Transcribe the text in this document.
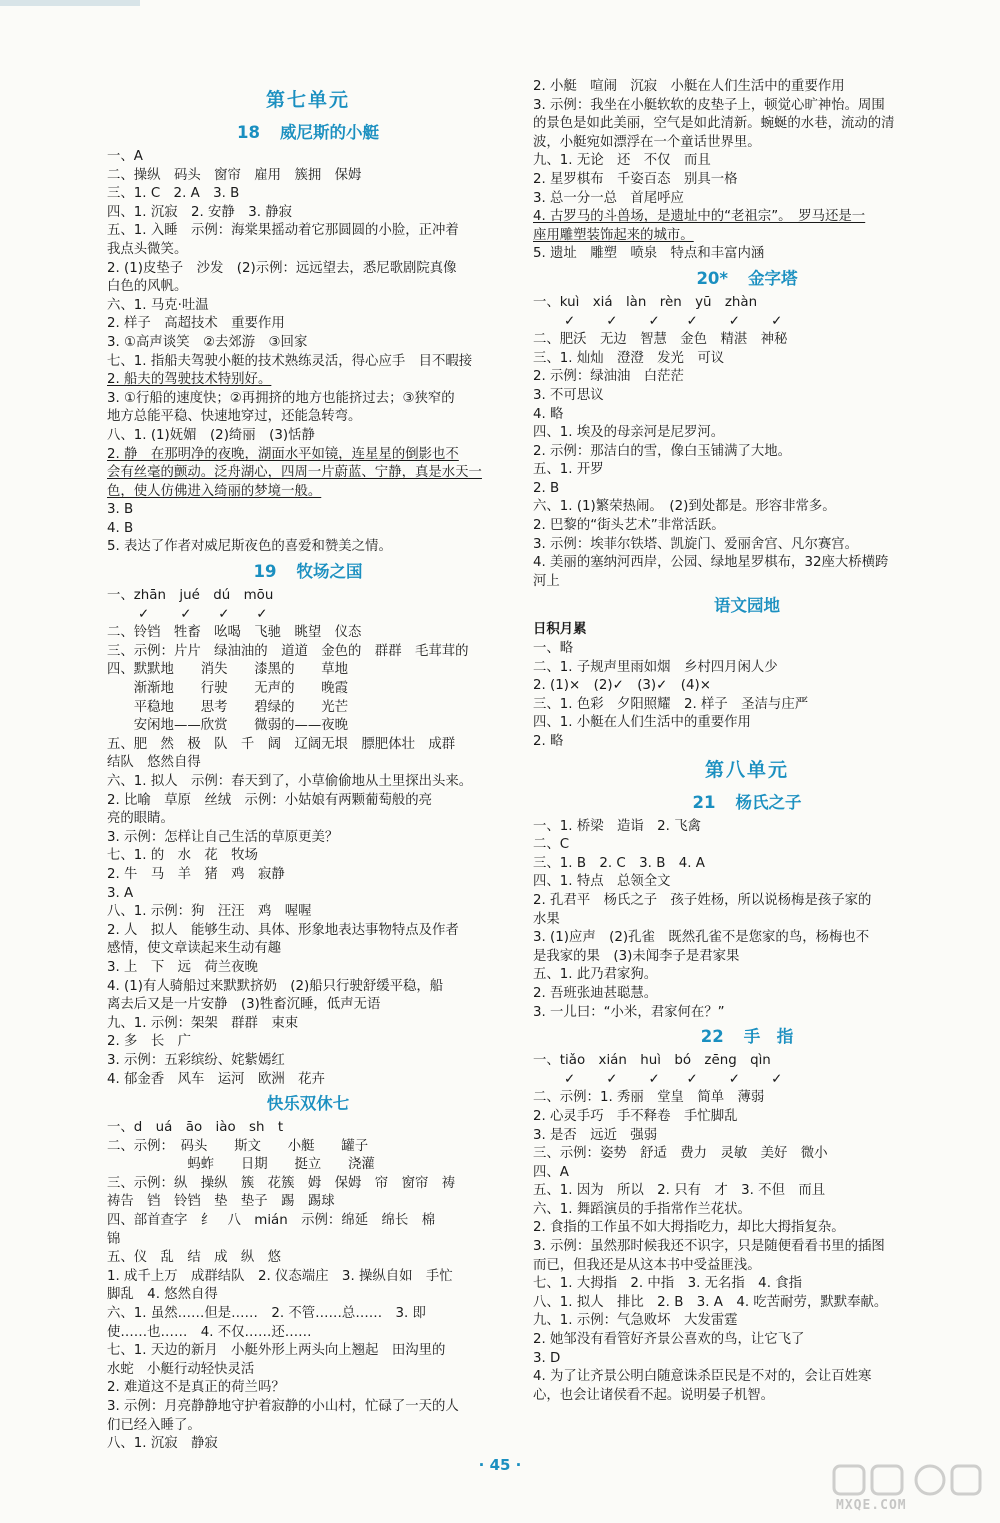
第七单元
18 威尼斯的小艇
一、A
二、操纵　码头　窗帘　雇用　簇拥　保姆
三、1. C　2. A　3. B
四、1. 沉寂　2. 安静　3. 静寂
五、1. 入睡　示例：海棠果摇动着它那圆圆的小脸，正冲着
我点头微笑。
2. (1)皮垫子　沙发　(2)示例：远远望去，悉尼歌剧院真像
白色的风帆。
六、1. 马克·吐温
2. 样子　高超技术　重要作用
3. ①高声谈笑　②去郊游　③回家
七、1. 指船夫驾驶小艇的技术熟练灵活，得心应手　目不暇接
2. 船夫的驾驶技术特别好。
3. ①行船的速度快；②再拥挤的地方也能挤过去；③狭窄的
地方总能平稳、快速地穿过，还能急转弯。
八、1. (1)妩媚　(2)绮丽　(3)恬静
2. 静　在那明净的夜晚，湖面水平如镜，连星星的倒影也不
会有丝毫的颤动。泛舟湖心，四周一片蔚蓝、宁静，真是水天一
色，使人仿佛进入绮丽的梦境一般。
3. B
4. B
5. 表达了作者对威尼斯夜色的喜爱和赞美之情。
19 牧场之国
一、zhān　jué　dú　mōu
　　 ✓　　 ✓　　✓　　✓
二、铃铛　牲畜　吆喝　飞驰　眺望　仪态
三、示例：片片　绿油油的　道道　金色的　群群　毛茸茸的
四、默默地　　消失　　漆黑的　　草地
　　渐渐地　　行驶　　无声的　　晚霞
　　平稳地　　思考　　碧绿的　　光芒
　　安闲地——欣赏　　微弱的——夜晚
五、肥　然　极　队　千　阔　辽阔无垠　膘肥体壮　成群
结队　悠然自得
六、1. 拟人　示例：春天到了，小草偷偷地从土里探出头来。
2. 比喻　草原　丝绒　示例：小姑娘有两颗葡萄般的亮
亮的眼睛。
3. 示例：怎样让自己生活的草原更美？
七、1. 的　水　花　牧场
2. 牛　马　羊　猪　鸡　寂静
3. A
八、1. 示例：狗　汪汪　鸡　喔喔
2. 人　拟人　能够生动、具体、形象地表达事物特点及作者
感情，使文章读起来生动有趣
3. 上　下　远　荷兰夜晚
4. (1)有人骑船过来默默挤奶　(2)船只行驶舒缓平稳，船
离去后又是一片安静　(3)牲畜沉睡，低声无语
九、1. 示例：架架　群群　束束
2. 多　长　广
3. 示例：五彩缤纷、姹紫嫣红
4. 郁金香　风车　运河　欧洲　花卉
快乐双休七
一、d　uá　āo　iào　sh　t
二、示例：　码头　　斯文　　小艇　　罐子
　　　　　　蚂蚱　　日期　　挺立　　浇灌
三、示例：纵　操纵　簇　花簇　姆　保姆　帘　窗帘　祷
祷告　铛　铃铛　垫　垫子　踢　踢球
四、部首查字　纟　八　mián　示例：绵延　绵长　棉
锦
五、仪　乱　结　成　纵　悠
1. 成千上万　成群结队　2. 仪态端庄　3. 操纵自如　手忙
脚乱　4. 悠然自得
六、1. 虽然……但是……　2. 不管……总……　3. 即
使……也……　4. 不仅……还……
七、1. 天边的新月　小艇外形上两头向上翘起　田沟里的
水蛇　小艇行动轻快灵活
2. 难道这不是真正的荷兰吗？
3. 示例：月亮静静地守护着寂静的小山村，忙碌了一天的人
们已经入睡了。
八、1. 沉寂　静寂
2. 小艇　喧闹　沉寂　小艇在人们生活中的重要作用
3. 示例：我坐在小艇软软的皮垫子上，顿觉心旷神怡。周围
的景色是如此美丽，空气是如此清新。蜿蜒的水巷，流动的清
波，小艇宛如漂浮在一个童话世界里。
九、1. 无论　还　不仅　而且
2. 星罗棋布　千姿百态　别具一格
3. 总一分一总　首尾呼应
4. 古罗马的斗兽场，是遗址中的“老祖宗”。　罗马还是一
座用雕塑装饰起来的城市。
5. 遗址　雕塑　喷泉　特点和丰富内涵
20* 金字塔
一、kuì　xiá　làn　rèn　yū　zhàn
　　 ✓　　 ✓　　 ✓　　✓　　 ✓　　 ✓
二、肥沃　无边　智慧　金色　精湛　神秘
三、1. 灿灿　澄澄　发光　可议
2. 示例：绿油油　白茫茫
3. 不可思议
4. 略
四、1. 埃及的母亲河是尼罗河。
2. 示例：那洁白的雪，像白玉铺满了大地。
五、1. 开罗
2. B
六、1. (1)繁荣热闹。　(2)到处都是。形容非常多。
2. 巴黎的“街头艺术”非常活跃。
3. 示例：埃菲尔铁塔、凯旋门、爱丽舍宫、凡尔赛宫。
4. 美丽的塞纳河西岸，公园、绿地星罗棋布，32座大桥横跨
河上
语文园地
日积月累
一、略
二、1. 子规声里雨如烟　乡村四月闲人少
2. (1)×　(2)✓　(3)✓　(4)×
三、1. 色彩　夕阳照耀　2. 样子　圣洁与庄严
四、1. 小艇在人们生活中的重要作用
2. 略
第八单元
21 杨氏之子
一、1. 桥梁　造诣　2. 飞禽
二、C
三、1. B　2. C　3. B　4. A
四、1. 特点　总领全文
2. 孔君平　杨氏之子　孩子姓杨，所以说杨梅是孩子家的
水果
3. (1)应声　(2)孔雀　既然孔雀不是您家的鸟，杨梅也不
是我家的果　(3)未闻李子是君家果
五、1. 此乃君家狗。
2. 吾班张迪甚聪慧。
3. 一儿曰：“小米，君家何在？”
22 手　指
一、tiǎo　xián　huì　bó　zēng　qìn
　　 ✓　　 ✓　　 ✓　　✓　　 ✓　　 ✓
二、示例：1. 秀丽　堂皇　简单　薄弱
2. 心灵手巧　手不释卷　手忙脚乱
3. 是否　远近　强弱
三、示例：姿势　舒适　费力　灵敏　美好　微小
四、A
五、1. 因为　所以　2. 只有　才　3. 不但　而且
六、1. 舞蹈演员的手指常作兰花状。
2. 食指的工作虽不如大拇指吃力，却比大拇指复杂。
3. 示例：虽然那时候我还不识字，只是随便看看书里的插图
而已，但我还是从这本书中受益匪浅。
七、1. 大拇指　2. 中指　3. 无名指　4. 食指
八、1. 拟人　排比　2. B　3. A　4. 吃苦耐劳，默默奉献。
九、1. 示例：气急败坏　大发雷霆
2. 她邹没有看管好齐景公喜欢的鸟，让它飞了
3. D
4. 为了让齐景公明白随意诛杀臣民是不对的，会让百姓寒
心，也会让诸侯看不起。说明晏子机智。
· 45 ·
MXQE.COM
